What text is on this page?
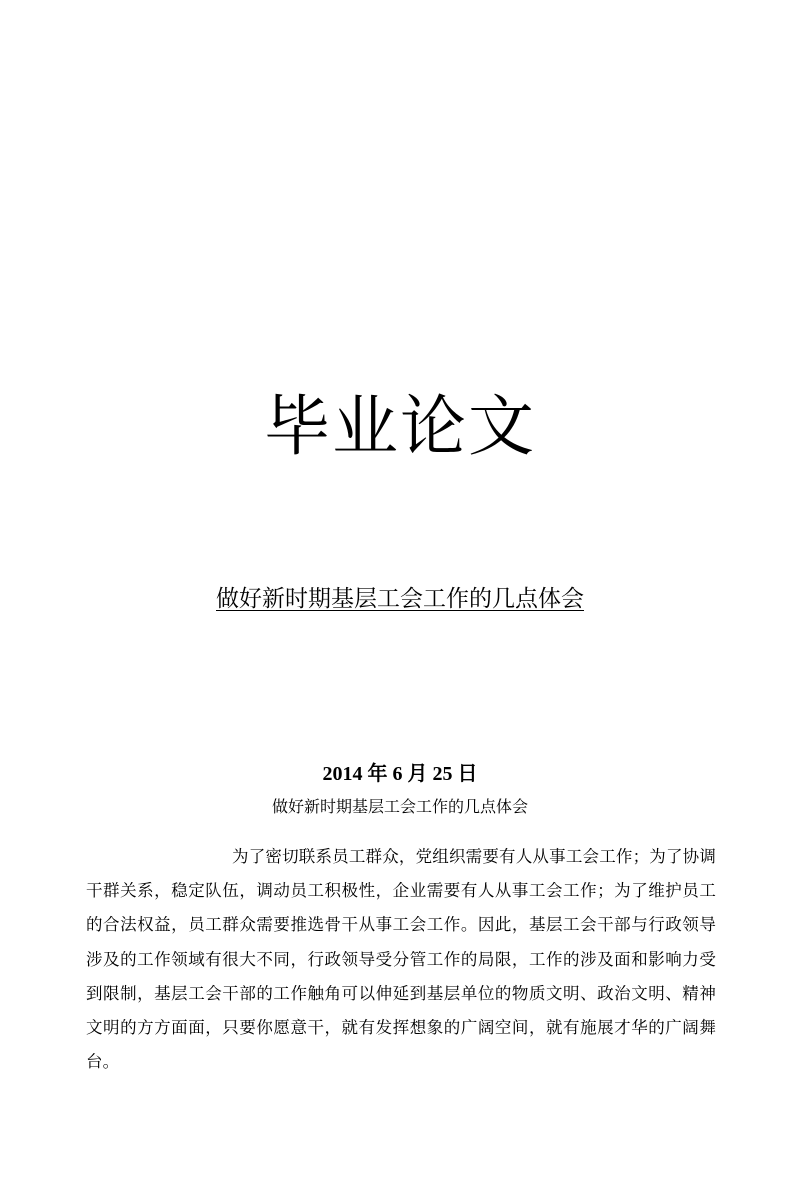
毕业论文
做好新时期基层工会工作的几点体会
2014 年 6 月 25 日
做好新时期基层工会工作的几点体会

为了密切联系员工群众，党组织需要有人从事工会工作；为了协调干群关系，稳定队伍，调动员工积极性，企业需要有人从事工会工作；为了维护员工的合法权益，员工群众需要推选骨干从事工会工作。因此，基层工会干部与行政领导涉及的工作领域有很大不同，行政领导受分管工作的局限，工作的涉及面和影响力受到限制，基层工会干部的工作触角可以伸延到基层单位的物质文明、政治文明、精神文明的方方面面，只要你愿意干，就有发挥想象的广阔空间，就有施展才华的广阔舞台。
